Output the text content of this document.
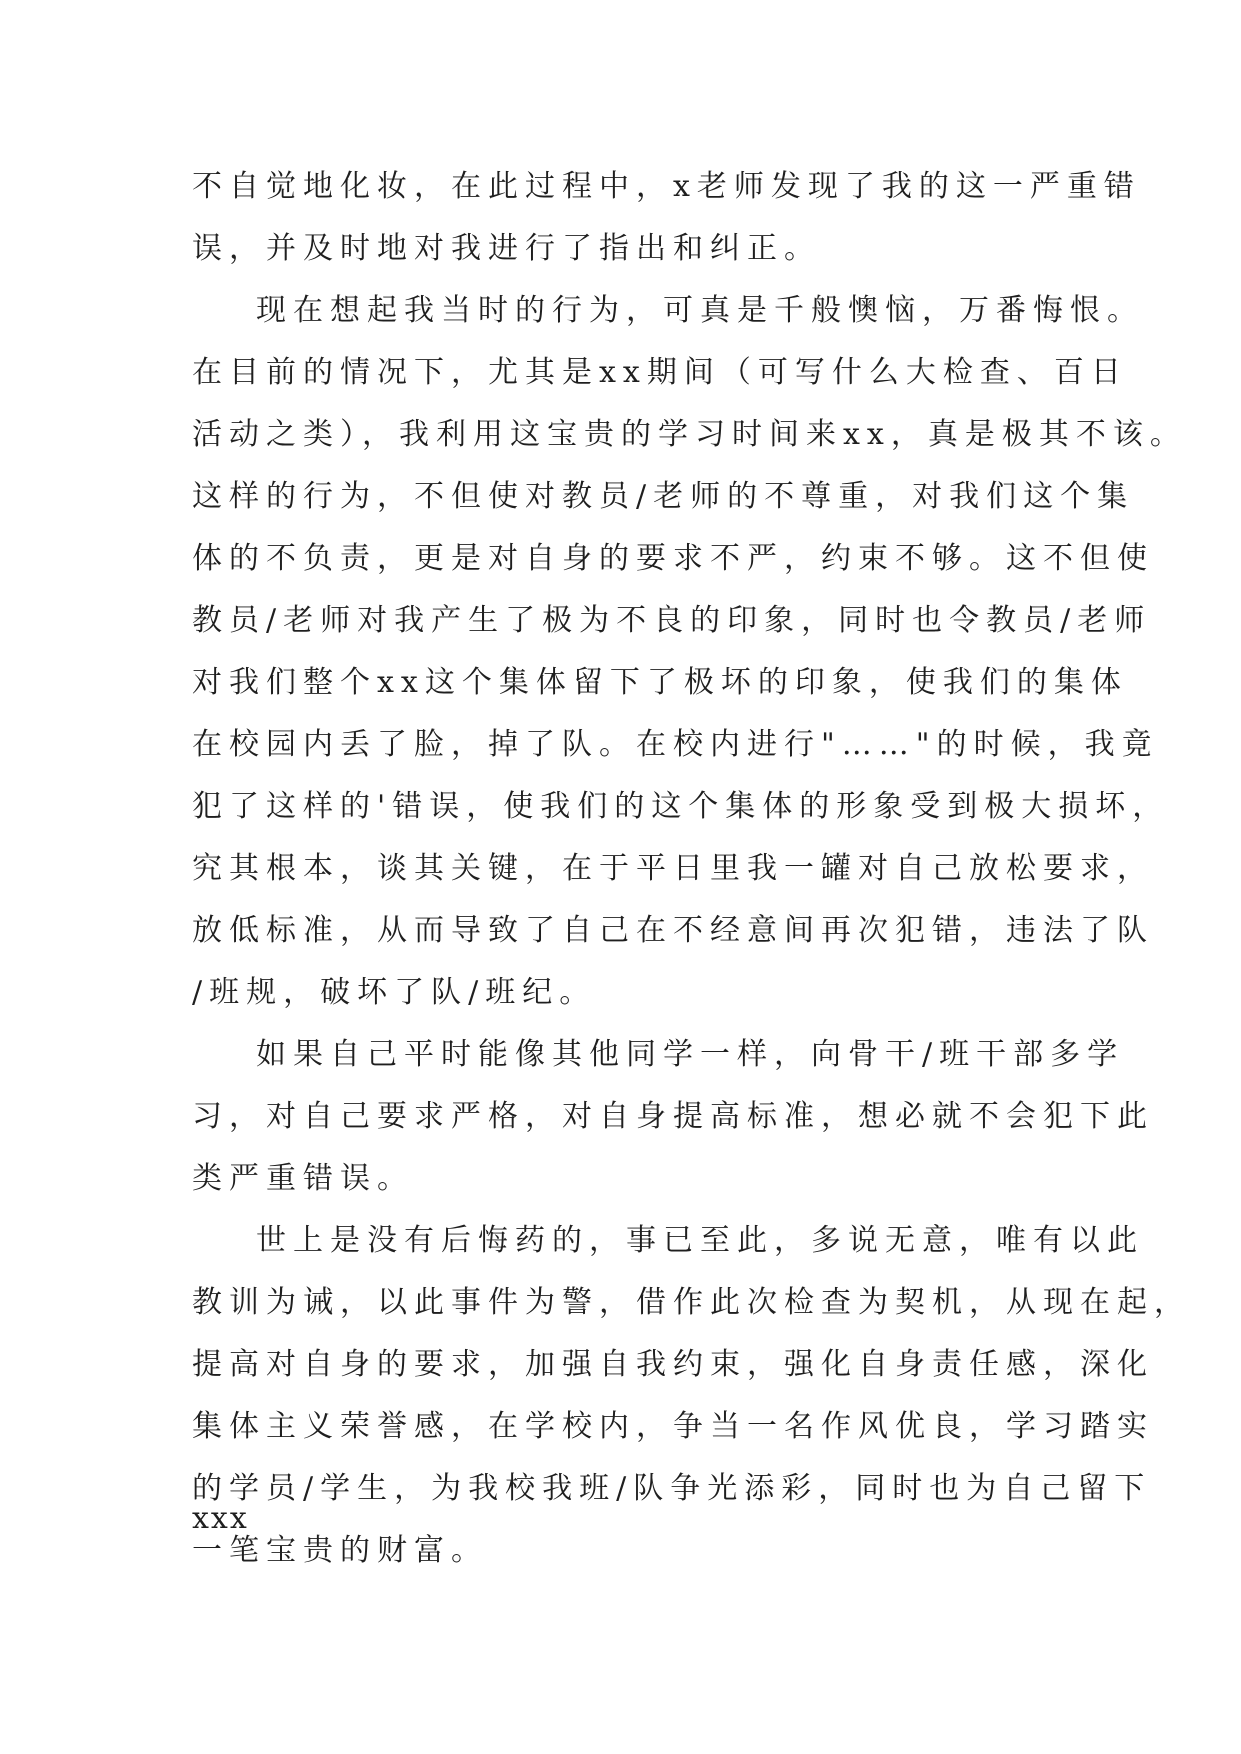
不自觉地化妆，在此过程中，x老师发现了我的这一严重错
误，并及时地对我进行了指出和纠正。
现在想起我当时的行为，可真是千般懊恼，万番悔恨。
在目前的情况下，尤其是xx期间（可写什么大检查、百日
活动之类），我利用这宝贵的学习时间来xx，真是极其不该。
这样的行为，不但使对教员/老师的不尊重，对我们这个集
体的不负责，更是对自身的要求不严，约束不够。这不但使
教员/老师对我产生了极为不良的印象，同时也令教员/老师
对我们整个xx这个集体留下了极坏的印象，使我们的集体
在校园内丢了脸，掉了队。在校内进行"……"的时候，我竟
犯了这样的'错误，使我们的这个集体的形象受到极大损坏，
究其根本，谈其关键，在于平日里我一罐对自己放松要求，
放低标准，从而导致了自己在不经意间再次犯错，违法了队
/班规，破坏了队/班纪。
如果自己平时能像其他同学一样，向骨干/班干部多学
习，对自己要求严格，对自身提高标准，想必就不会犯下此
类严重错误。
世上是没有后悔药的，事已至此，多说无意，唯有以此
教训为诫，以此事件为警，借作此次检查为契机，从现在起，
提高对自身的要求，加强自我约束，强化自身责任感，深化
集体主义荣誉感，在学校内，争当一名作风优良，学习踏实
的学员/学生，为我校我班/队争光添彩，同时也为自己留下
一笔宝贵的财富。
xxx
